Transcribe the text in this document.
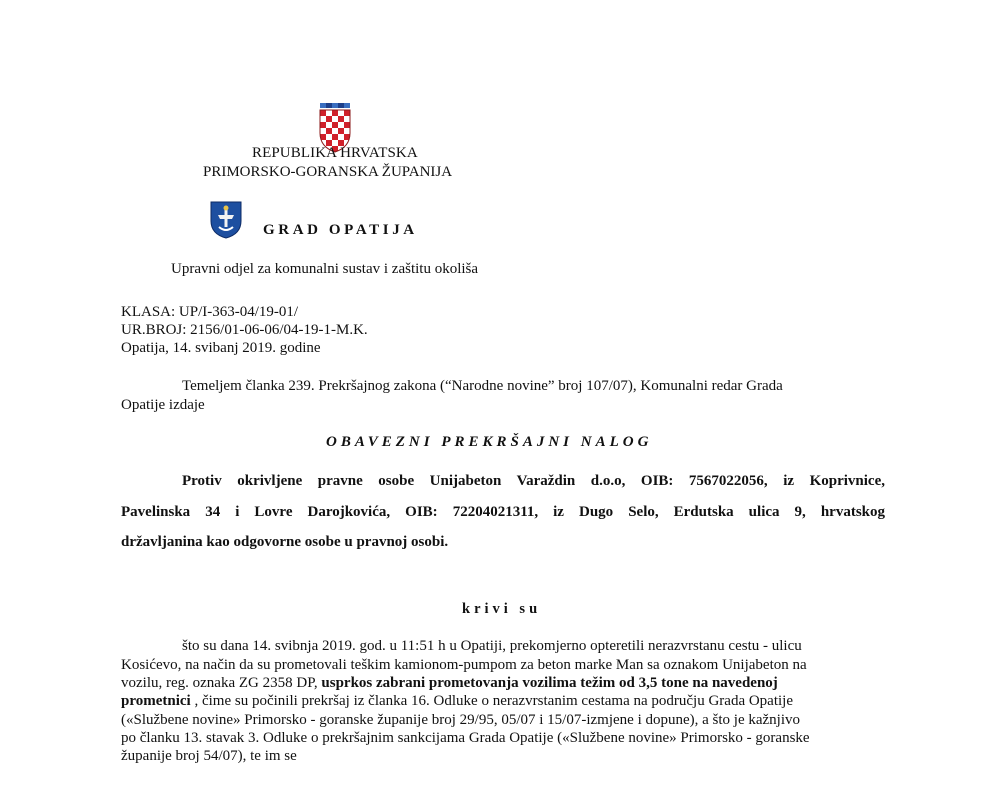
REPUBLIKA HRVATSKA
PRIMORSKO-GORANSKA ŽUPANIJA
GRAD OPATIJA
Upravni odjel za komunalni sustav i zaštitu okoliša
KLASA: UP/I-363-04/19-01/
UR.BROJ: 2156/01-06-06/04-19-1-M.K.
Opatija, 14. svibanj 2019. godine
Temeljem članka 239. Prekršajnog zakona (“Narodne novine” broj 107/07), Komunalni redar Grada
Opatije izdaje
OBAVEZNI PREKRŠAJNI NALOG
Protiv okrivljene pravne osobe Unijabeton Varaždin d.o.o, OIB: 7567022056, iz Koprivnice,
Pavelinska 34 i Lovre Darojkovića, OIB: 72204021311, iz Dugo Selo, Erdutska ulica 9, hrvatskog
državljanina kao odgovorne osobe u pravnoj osobi.
krivi su
što su dana 14. svibnja 2019. god. u 11:51 h u Opatiji, prekomjerno opteretili nerazvrstanu cestu - ulicu
Kosićevo, na način da su prometovali teškim kamionom-pumpom za beton marke Man sa oznakom Unijabeton na
vozilu, reg. oznaka ZG 2358 DP, usprkos zabrani prometovanja vozilima težim od 3,5 tone na navedenoj
prometnici , čime su počinili prekršaj iz članka 16. Odluke o nerazvrstanim cestama na području Grada Opatije
(«Službene novine» Primorsko - goranske županije broj 29/95, 05/07 i 15/07-izmjene i dopune), a što je kažnjivo
po članku 13. stavak 3. Odluke o prekršajnim sankcijama Grada Opatije («Službene novine» Primorsko - goranske
županije broj 54/07), te im se
